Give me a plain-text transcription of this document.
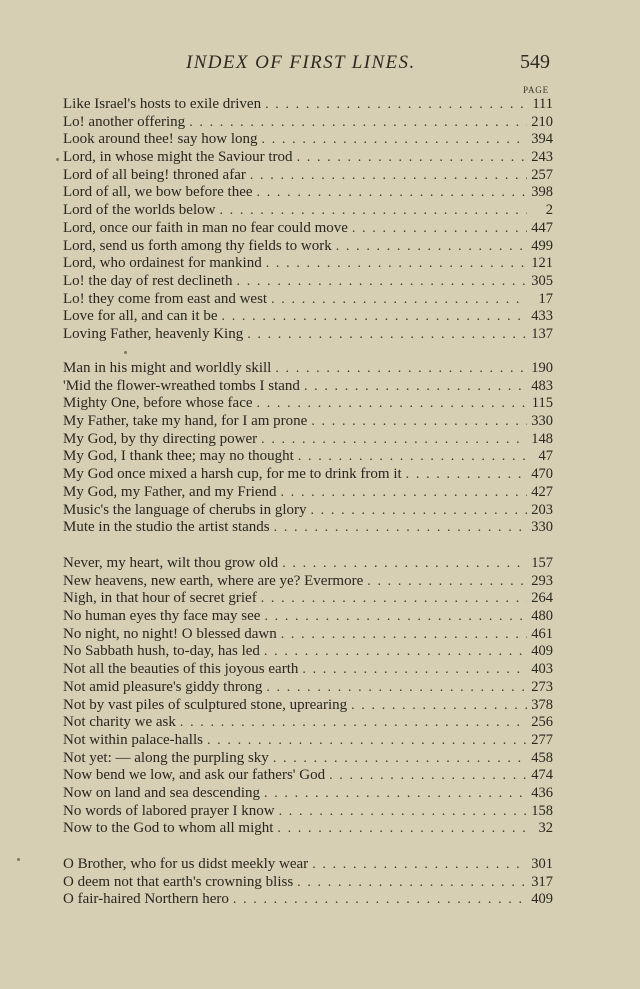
INDEX OF FIRST LINES.	549
PAGE
Like Israel's hosts to exile driven . . .	111
Lo! another offering . . .	210
Look around thee! say how long . . .	394
Lord, in whose might the Saviour trod . . .	243
Lord of all being! throned afar . . .	257
Lord of all, we bow before thee . . .	398
Lord of the worlds below . . .	2
Lord, once our faith in man no fear could move . . .	447
Lord, send us forth among thy fields to work . . .	499
Lord, who ordainest for mankind . . .	121
Lo! the day of rest declineth . . .	305
Lo! they come from east and west . . .	17
Love for all, and can it be . . .	433
Loving Father, heavenly King . . .	137
Man in his might and worldly skill . . .	190
'Mid the flower-wreathed tombs I stand . . .	483
Mighty One, before whose face . . .	115
My Father, take my hand, for I am prone . . .	330
My God, by thy directing power . . .	148
My God, I thank thee; may no thought . . .	47
My God once mixed a harsh cup, for me to drink from it . . .	470
My God, my Father, and my Friend . . .	427
Music's the language of cherubs in glory . . .	203
Mute in the studio the artist stands . . .	330
Never, my heart, wilt thou grow old . . .	157
New heavens, new earth, where are ye? Evermore . . .	293
Nigh, in that hour of secret grief . . .	264
No human eyes thy face may see . . .	480
No night, no night! O blessed dawn . . .	461
No Sabbath hush, to-day, has led . . .	409
Not all the beauties of this joyous earth . . .	403
Not amid pleasure's giddy throng . . .	273
Not by vast piles of sculptured stone, uprearing . . .	378
Not charity we ask . . .	256
Not within palace-halls . . .	277
Not yet: — along the purpling sky . . .	458
Now bend we low, and ask our fathers' God . . .	474
Now on land and sea descending . . .	436
No words of labored prayer I know . . .	158
Now to the God to whom all might . . .	32
O Brother, who for us didst meekly wear . . .	301
O deem not that earth's crowning bliss . . .	317
O fair-haired Northern hero . . .	409
